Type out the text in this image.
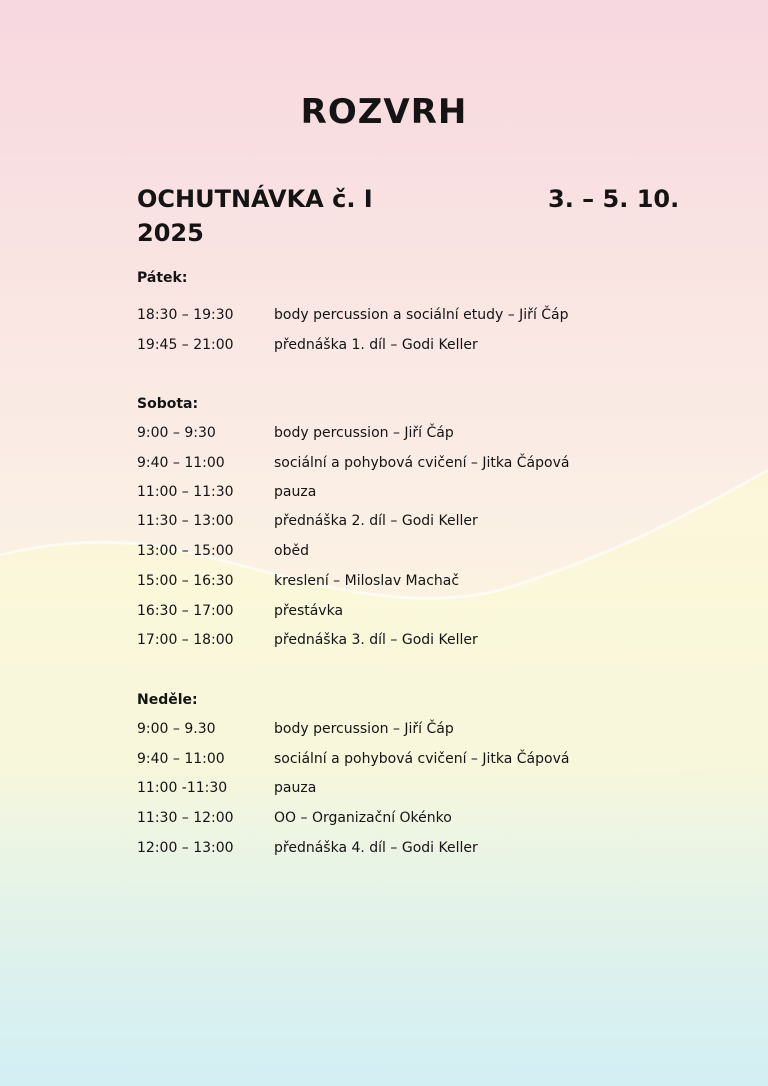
ROZVRH
OCHUTNÁVKA č. I
2025
3. – 5. 10.
Pátek:
18:30 – 19:30	body percussion a sociální etudy – Jiří Čáp
19:45 – 21:00	přednáška 1. díl – Godi Keller
Sobota:
9:00 – 9:30	body percussion – Jiří Čáp
9:40 – 11:00	sociální a pohybová cvičení – Jitka Čápová
11:00 – 11:30	pauza
11:30 – 13:00	přednáška 2. díl – Godi Keller
13:00 – 15:00	oběd
15:00 – 16:30	kreslení – Miloslav Machač
16:30 – 17:00	přestávka
17:00 – 18:00	přednáška 3. díl – Godi Keller
Neděle:
9:00 – 9.30	body percussion – Jiří Čáp
9:40 – 11:00	sociální a pohybová cvičení – Jitka Čápová
11:00 -11:30	pauza
11:30 – 12:00	OO – Organizační Okénko
12:00 – 13:00	přednáška 4. díl – Godi Keller
